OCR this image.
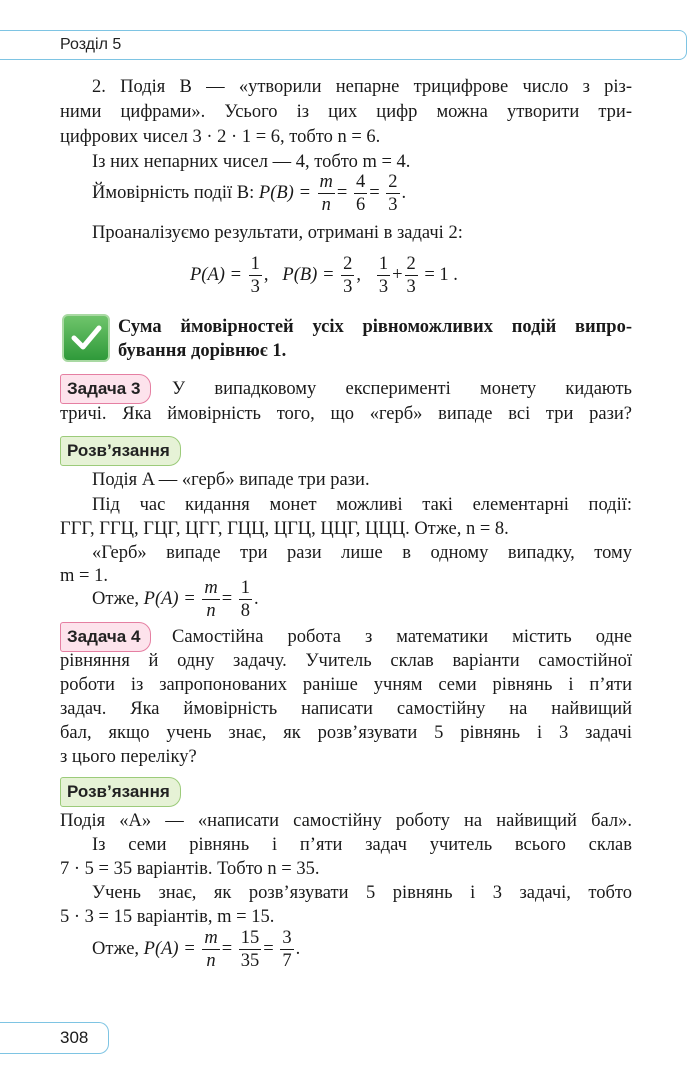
Розділ 5
2. Подія B — «утворили непарне трицифрове число з різ-
ними цифрами». Усього із цих цифр можна утворити три-
цифрових чисел 3 · 2 · 1 = 6, тобто n = 6.
Із них непарних чисел — 4, тобто m = 4.
Ймовірність події B: $P(B) = \frac{m}{n} = \frac{4}{6} = \frac{2}{3}$ .
Проаналізуємо результати, отримані в задачі 2:
$P(A) = \frac{1}{3}$ ,   $P(B) = \frac{2}{3}$ , $\frac{1}{3} + \frac{2}{3} = 1$ .
Сума ймовірностей усіх рівноможливих подій випро-
бування дорівнює 1.
Задача 3	У випадковому експерименті монету кидають
тричі. Яка ймовірність того, що «герб» випаде всі три рази?
Розв’язання
Подія A — «герб» випаде три рази.
Під час кидання монет можливі такі елементарні події:
ГГГ, ГГЦ, ГЦГ, ЦГГ, ГЦЦ, ЦГЦ, ЦЦГ, ЦЦЦ. Отже, n = 8.
«Герб» випаде три рази лише в одному випадку, тому
m = 1.
Отже, $P(A) = \frac{m}{n} = \frac{1}{8}$ .
Задача 4	Самостійна робота з математики містить одне
рівняння й одну задачу. Учитель склав варіанти самостійної
роботи із запропонованих раніше учням семи рівнянь і п’яти
задач. Яка ймовірність написати самостійну на найвищий
бал, якщо учень знає, як розв’язувати 5 рівнянь і 3 задачі
з цього переліку?
Розв’язання
Подія «A» — «написати самостійну роботу на найвищий бал».
Із семи рівнянь і п’яти задач учитель всього склав
7 · 5 = 35 варіантів. Тобто n = 35.
Учень знає, як розв’язувати 5 рівнянь і 3 задачі, тобто
5 · 3 = 15 варіантів, m = 15.
Отже, $P(A) = \frac{m}{n} = \frac{15}{35} = \frac{3}{7}$ .
308
